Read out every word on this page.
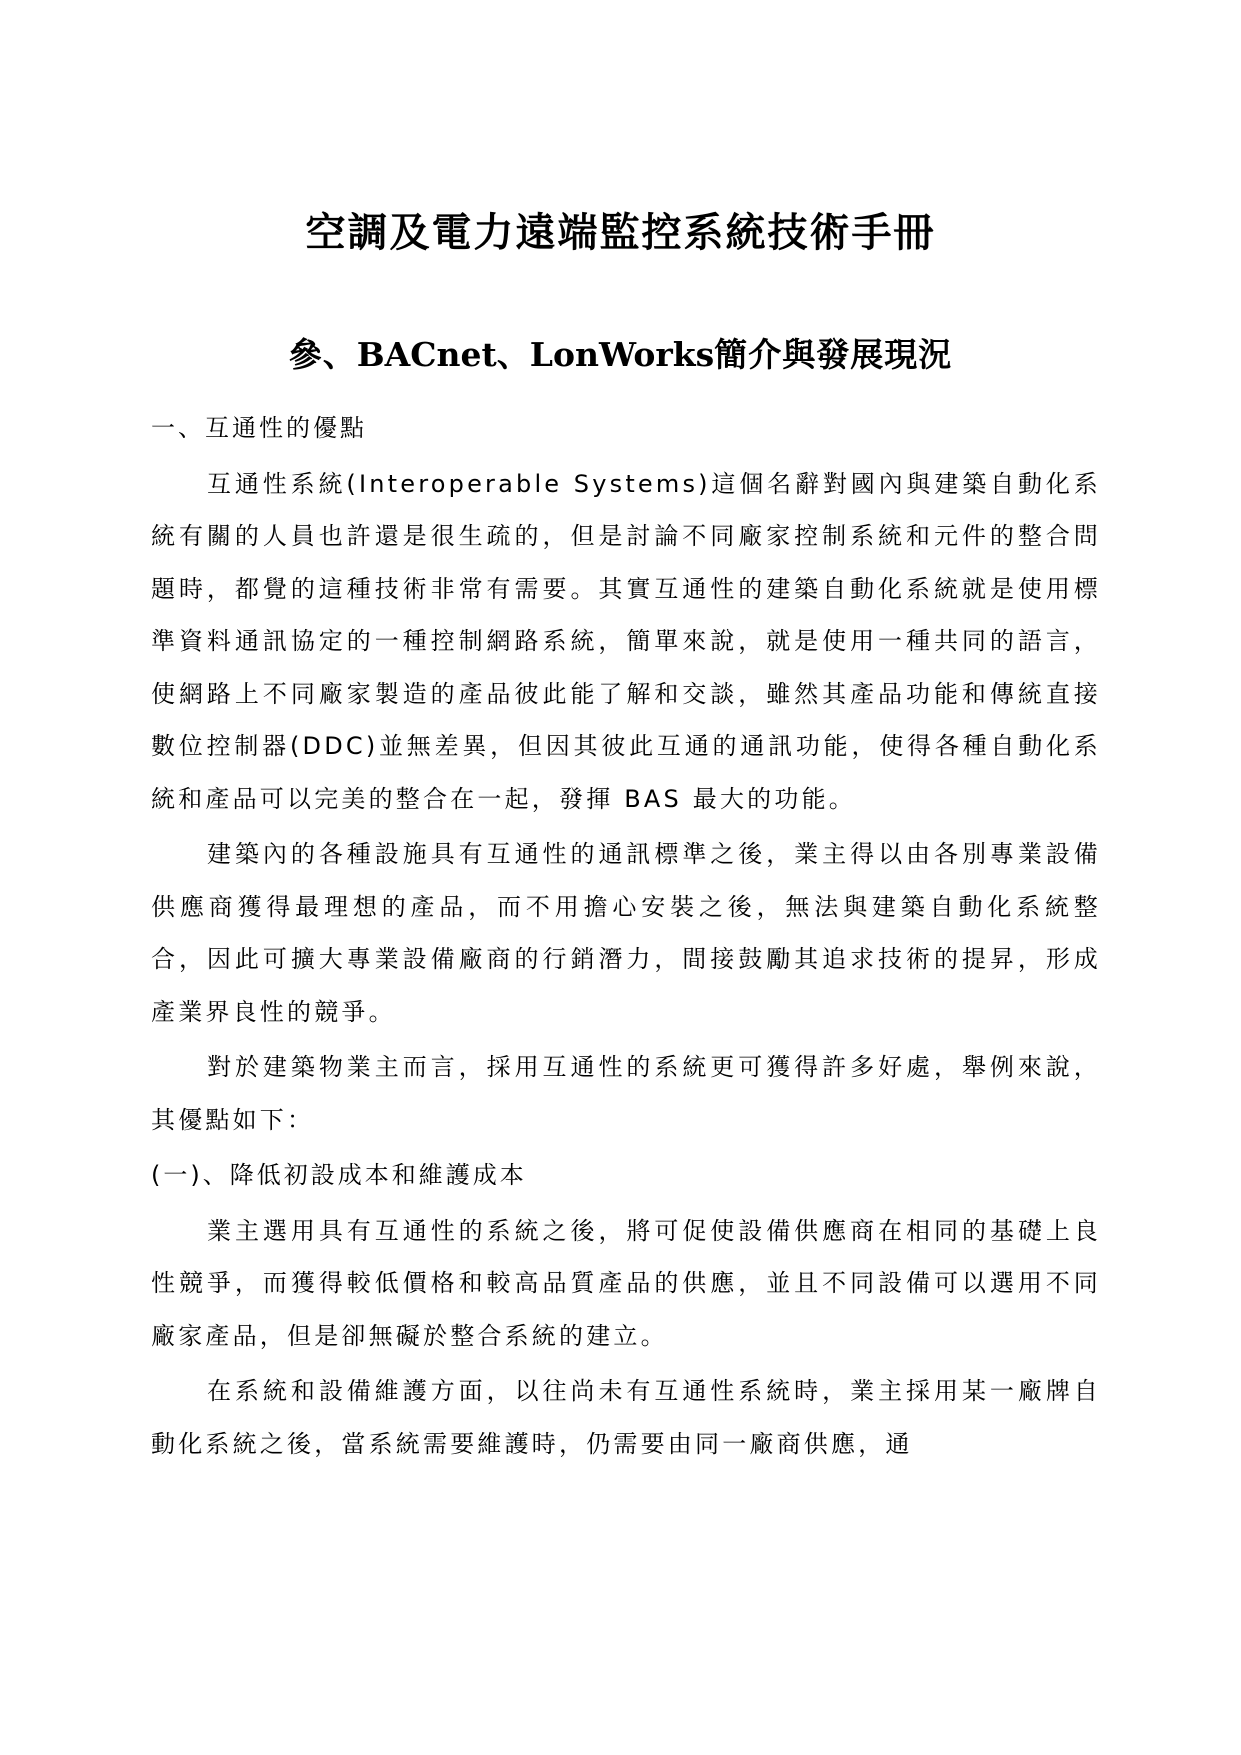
空調及電力遠端監控系統技術手冊
參、BACnet、LonWorks簡介與發展現況
一、互通性的優點

互通性系統(Interoperable Systems)這個名辭對國內與建築自動化系統有關的人員也許還是很生疏的，但是討論不同廠家控制系統和元件的整合問題時，都覺的這種技術非常有需要。其實互通性的建築自動化系統就是使用標準資料通訊協定的一種控制網路系統，簡單來說，就是使用一種共同的語言，使網路上不同廠家製造的產品彼此能了解和交談，雖然其產品功能和傳統直接數位控制器(DDC)並無差異，但因其彼此互通的通訊功能，使得各種自動化系統和產品可以完美的整合在一起，發揮 BAS 最大的功能。

建築內的各種設施具有互通性的通訊標準之後，業主得以由各別專業設備供應商獲得最理想的產品，而不用擔心安裝之後，無法與建築自動化系統整合，因此可擴大專業設備廠商的行銷潛力，間接鼓勵其追求技術的提昇，形成產業界良性的競爭。

對於建築物業主而言，採用互通性的系統更可獲得許多好處，舉例來說，其優點如下：

(一)、降低初設成本和維護成本

業主選用具有互通性的系統之後，將可促使設備供應商在相同的基礎上良性競爭，而獲得較低價格和較高品質產品的供應，並且不同設備可以選用不同廠家產品，但是卻無礙於整合系統的建立。

在系統和設備維護方面，以往尚未有互通性系統時，業主採用某一廠牌自動化系統之後，當系統需要維護時，仍需要由同一廠商供應，通
